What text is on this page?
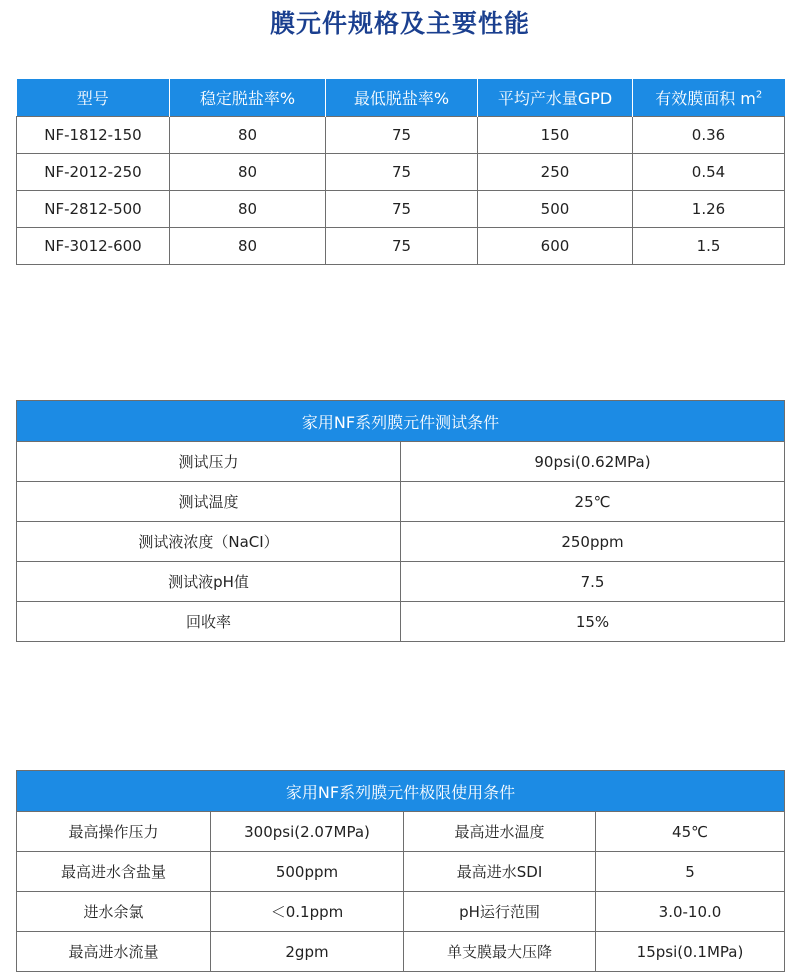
膜元件规格及主要性能
型号	稳定脱盐率%	最低脱盐率%	平均产水量GPD	有效膜面积 $m^2$
NF-1812-150	80	75	150	0.36
NF-2012-250	80	75	250	0.54
NF-2812-500	80	75	500	1.26
NF-3012-600	80	75	600	1.5
家用NF系列膜元件测试条件	
测试压力	90psi(0.62MPa)
测试温度	25℃
测试液浓度（NaCI）	250ppm
测试液pH值	7.5
回收率	15%
家用NF系列膜元件极限使用条件			
最高操作压力	300psi(2.07MPa)	最高进水温度	45℃
最高进水含盐量	500ppm	最高进水SDI	5
进水余氯	＜0.1ppm	pH运行范围	3.0-10.0
最高进水流量	2gpm	单支膜最大压降	15psi(0.1MPa)
